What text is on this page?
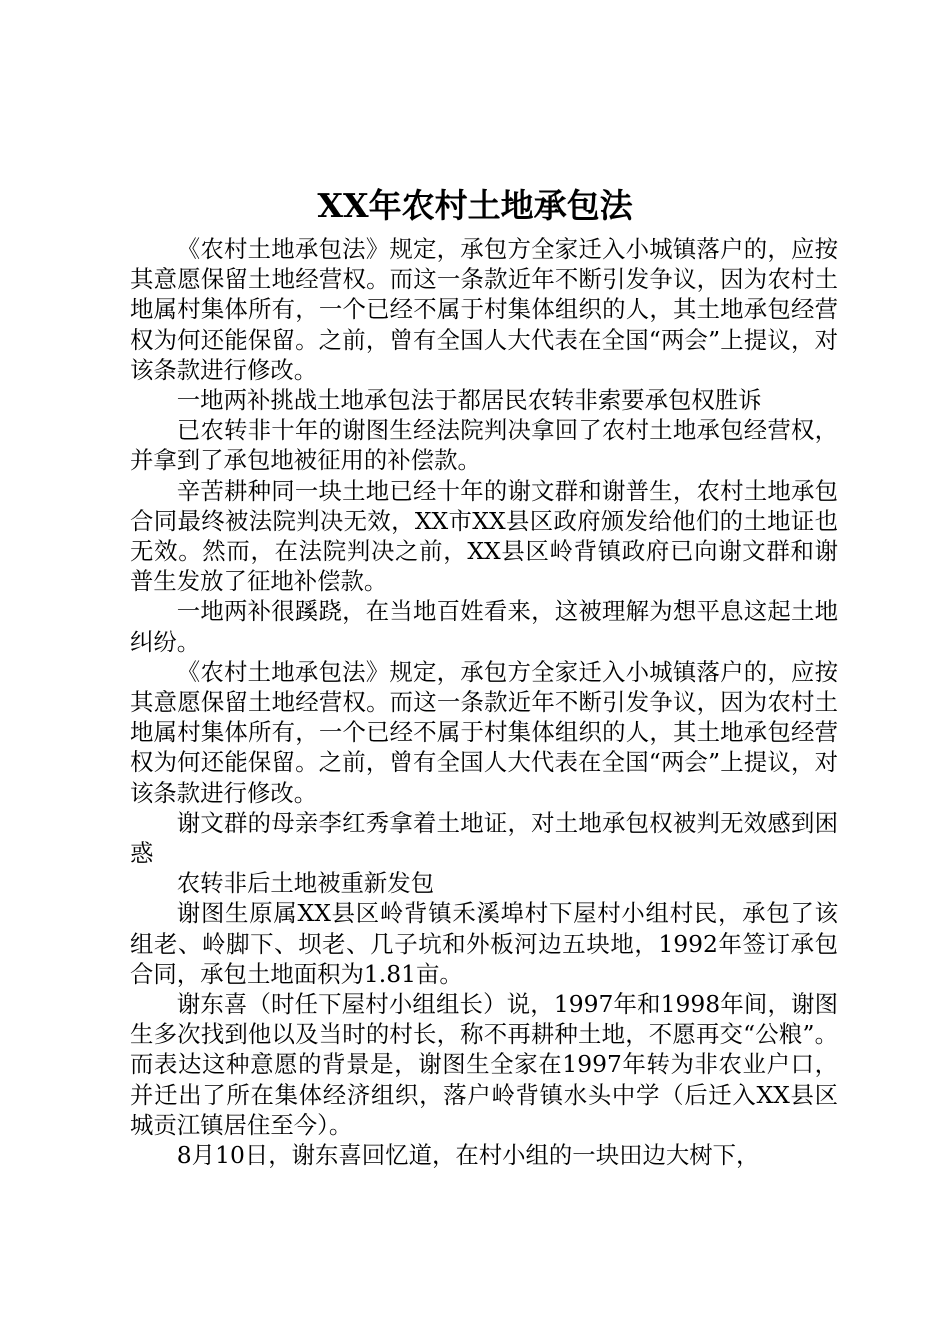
XX年农村土地承包法

《农村土地承包法》规定，承包方全家迁入小城镇落户的，应按其意愿保留土地经营权。而这一条款近年不断引发争议，因为农村土地属村集体所有，一个已经不属于村集体组织的人，其土地承包经营权为何还能保留。之前，曾有全国人大代表在全国“两会”上提议，对该条款进行修改。

一地两补挑战土地承包法于都居民农转非索要承包权胜诉

已农转非十年的谢图生经法院判决拿回了农村土地承包经营权，并拿到了承包地被征用的补偿款。

辛苦耕种同一块土地已经十年的谢文群和谢普生，农村土地承包合同最终被法院判决无效，XX市XX县区政府颁发给他们的土地证也无效。然而，在法院判决之前，XX县区岭背镇政府已向谢文群和谢普生发放了征地补偿款。

一地两补很蹊跷，在当地百姓看来，这被理解为想平息这起土地纠纷。

《农村土地承包法》规定，承包方全家迁入小城镇落户的，应按其意愿保留土地经营权。而这一条款近年不断引发争议，因为农村土地属村集体所有，一个已经不属于村集体组织的人，其土地承包经营权为何还能保留。之前，曾有全国人大代表在全国“两会”上提议，对该条款进行修改。

谢文群的母亲李红秀拿着土地证，对土地承包权被判无效感到困惑

农转非后土地被重新发包

谢图生原属XX县区岭背镇禾溪埠村下屋村小组村民，承包了该组老、岭脚下、坝老、几子坑和外板河边五块地，1992年签订承包合同，承包土地面积为1.81亩。

谢东喜（时任下屋村小组组长）说，1997年和1998年间，谢图生多次找到他以及当时的村长，称不再耕种土地，不愿再交“公粮”。而表达这种意愿的背景是，谢图生全家在1997年转为非农业户口，并迁出了所在集体经济组织，落户岭背镇水头中学（后迁入XX县区城贡江镇居住至今）。

8月10日，谢东喜回忆道，在村小组的一块田边大树下，
